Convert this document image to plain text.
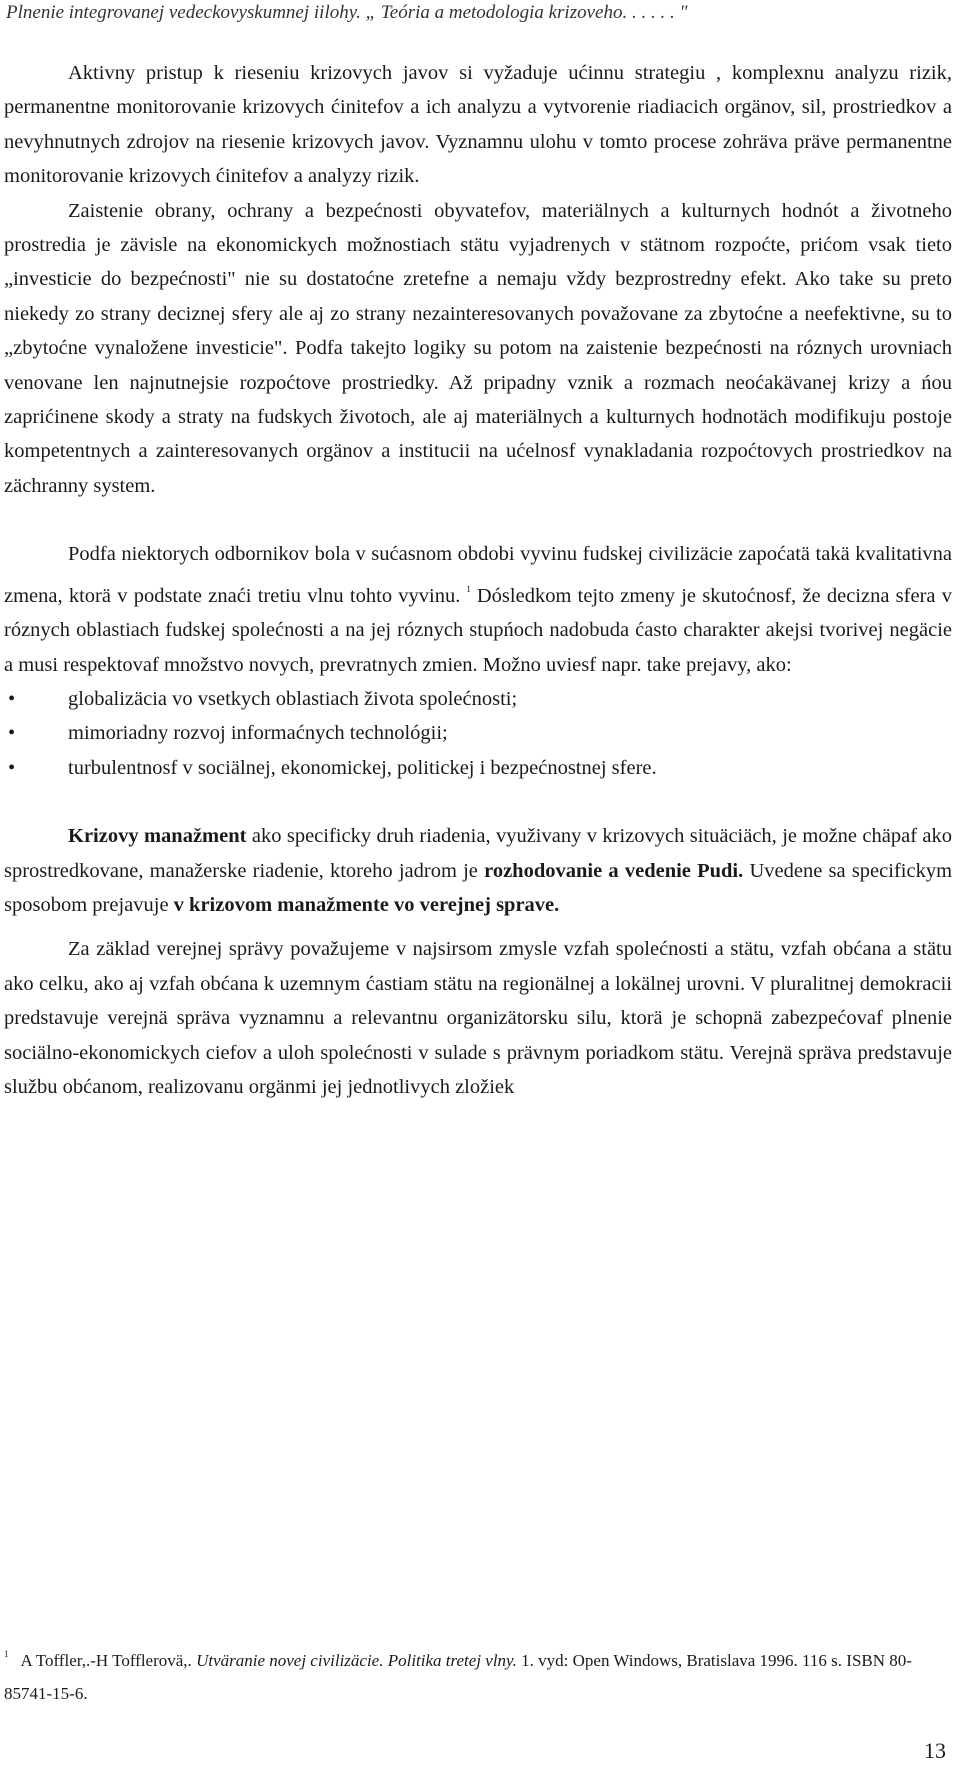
Plnenie integrovanej vedeckovyskumnej iilohy. „ Teória a metodologia krizoveho. . . . . . "

Aktivny pristup k rieseniu krizovych javov si vyžaduje ućinnu strategiu , komplexnu analyzu rizik, permanentne monitorovanie krizovych ćinitefov a ich analyzu a vytvorenie riadiacich orgänov, sil, prostriedkov a nevyhnutnych zdrojov na riesenie krizovych javov. Vyznamnu ulohu v tomto procese zohräva präve permanentne monitorovanie krizovych ćinitefov a analyzy rizik.

Zaistenie obrany, ochrany a bezpećnosti obyvatefov, materiälnych a kulturnych hodnót a životneho prostredia je zävisle na ekonomickych možnostiach stätu vyjadrenych v stätnom rozpoćte, prićom vsak tieto „investicie do bezpećnosti" nie su dostatoćne zretefne a nemaju vždy bezprostredny efekt. Ako take su preto niekedy zo strany deciznej sfery ale aj zo strany nezainteresovanych považovane za zbytoćne a neefektivne, su to „zbytoćne vynaložene investicie". Podfa takejto logiky su potom na zaistenie bezpećnosti na róznych urovniach venovane len najnutnejsie rozpoćtove prostriedky. Až pripadny vznik a rozmach neoćakävanej krizy a ńou zaprićinene skody a straty na fudskych životoch, ale aj materiälnych a kulturnych hodnotäch modifikuju postoje kompetentnych a zainteresovanych orgänov a institucii na ućelnosf vynakladania rozpoćtovych prostriedkov na zächranny system.

Podfa niektorych odbornikov bola v sućasnom obdobi vyvinu fudskej civilizäcie zapoćatä takä kvalitativna zmena, ktorä v podstate znaći tretiu vlnu tohto vyvinu. $^1$ Dósledkom tejto zmeny je skutoćnosf, že decizna sfera v róznych oblastiach fudskej spolećnosti a na jej róznych stupńoch nadobuda ćasto charakter akejsi tvorivej negäcie a musi respektovaf množstvo novych, prevratnych zmien. Možno uviesf napr. take prejavy, ako:

•	globalizäcia vo vsetkych oblastiach života spolećnosti;
•	mimoriadny rozvoj informaćnych technológii;
•	turbulentnosf v sociälnej, ekonomickej, politickej i bezpećnostnej sfere.

Krizovy manažment ako specificky druh riadenia, využivany v krizovych situäciäch, je možne chäpaf ako sprostredkovane, manažerske riadenie, ktoreho jadrom je rozhodovanie a vedenie Pudi. Uvedene sa specifickym sposobom prejavuje v krizovom manažmente vo verejnej sprave.

Za zäklad verejnej sprävy považujeme v najsirsom zmysle vzfah spolećnosti a stätu, vzfah obćana a stätu ako celku, ako aj vzfah obćana k uzemnym ćastiam stätu na regionälnej a lokälnej urovni. V pluralitnej demokracii predstavuje verejnä spräva vyznamnu a relevantnu organizätorsku silu, ktorä je schopnä zabezpećovaf plnenie sociälno-ekonomickych ciefov a uloh spolećnosti v sulade s prävnym poriadkom stätu. Verejnä spräva predstavuje službu obćanom, realizovanu orgänmi jej jednotlivych zložiek

$^1$ A Toffler,.-H Tofflerovä,. Utväranie novej civilizäcie. Politika tretej vlny. 1. vyd: Open Windows, Bratislava 1996. 116 s. ISBN 80-85741-15-6.
13
